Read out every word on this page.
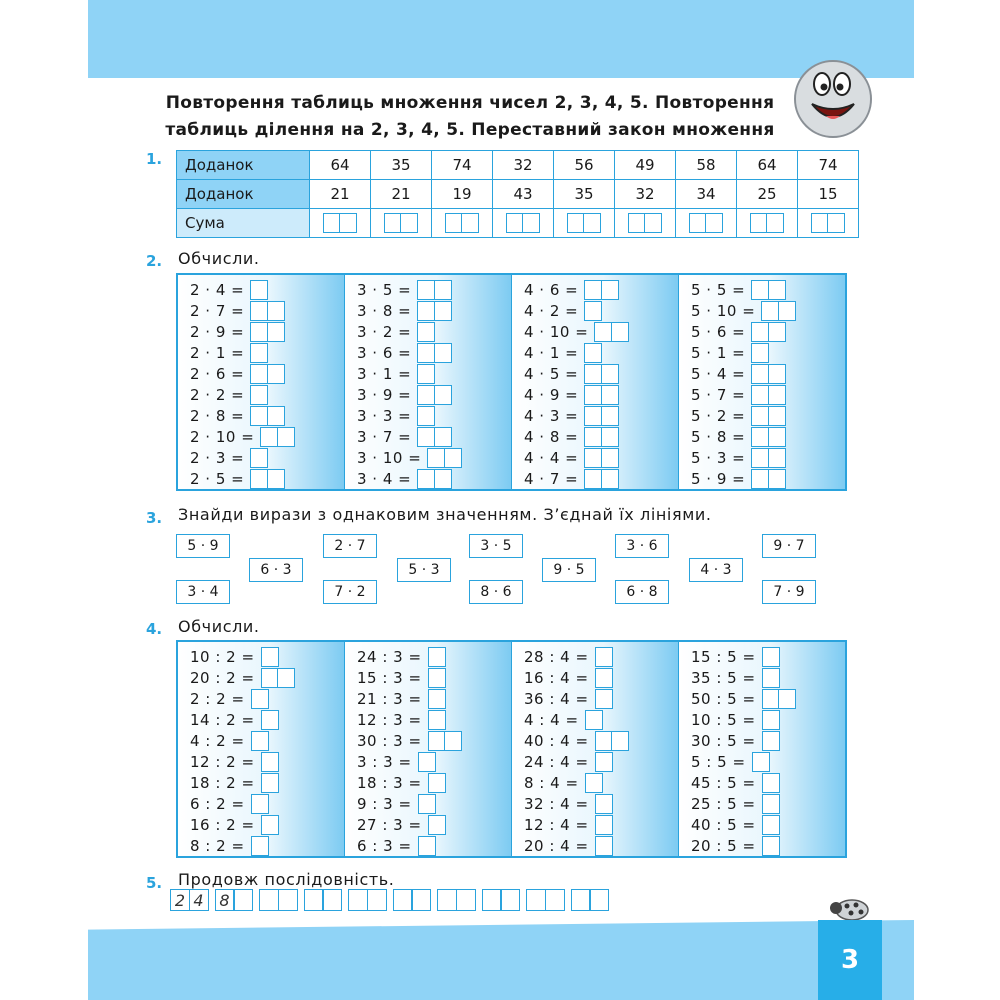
Повторення таблиць множення чисел 2, 3, 4, 5. Повторення
таблиць ділення на 2, 3, 4, 5. Переставний закон множення
1. Доданок	64	35	74	32	56	49	58	64	74
Доданок	21	21	19	43	35	32	34	25	15
Сума	

2. Обчисли.
2 · 4 =
2 · 7 =
2 · 9 =
2 · 1 =
2 · 6 =
2 · 2 =
2 · 8 =
2 · 10 =
2 · 3 =
2 · 5 =
3 · 5 =
3 · 8 =
3 · 2 =
3 · 6 =
3 · 1 =
3 · 9 =
3 · 3 =
3 · 7 =
3 · 10 =
3 · 4 =
4 · 6 =
4 · 2 =
4 · 10 =
4 · 1 =
4 · 5 =
4 · 9 =
4 · 3 =
4 · 8 =
4 · 4 =
4 · 7 =
5 · 5 =
5 · 10 =
5 · 6 =
5 · 1 =
5 · 4 =
5 · 7 =
5 · 2 =
5 · 8 =
5 · 3 =
5 · 9 =
3. Знайди вирази з однаковим значенням. З’єднай їх лініями.
5 · 9
6 · 3
3 · 4
2 · 7
7 · 2
5 · 3
3 · 5
8 · 6
9 · 5
3 · 6
6 · 8
4 · 3
9 · 7
7 · 9
4. Обчисли.
10 : 2 =
20 : 2 =
2 : 2 =
14 : 2 =
4 : 2 =
12 : 2 =
18 : 2 =
6 : 2 =
16 : 2 =
8 : 2 =
24 : 3 =
15 : 3 =
21 : 3 =
12 : 3 =
30 : 3 =
3 : 3 =
18 : 3 =
9 : 3 =
27 : 3 =
6 : 3 =
28 : 4 =
16 : 4 =
36 : 4 =
4 : 4 =
40 : 4 =
24 : 4 =
8 : 4 =
32 : 4 =
12 : 4 =
20 : 4 =
15 : 5 =
35 : 5 =
50 : 5 =
10 : 5 =
30 : 5 =
5 : 5 =
45 : 5 =
25 : 5 =
40 : 5 =
20 : 5 =
5. Продовж послідовність.
2 4 8
3
